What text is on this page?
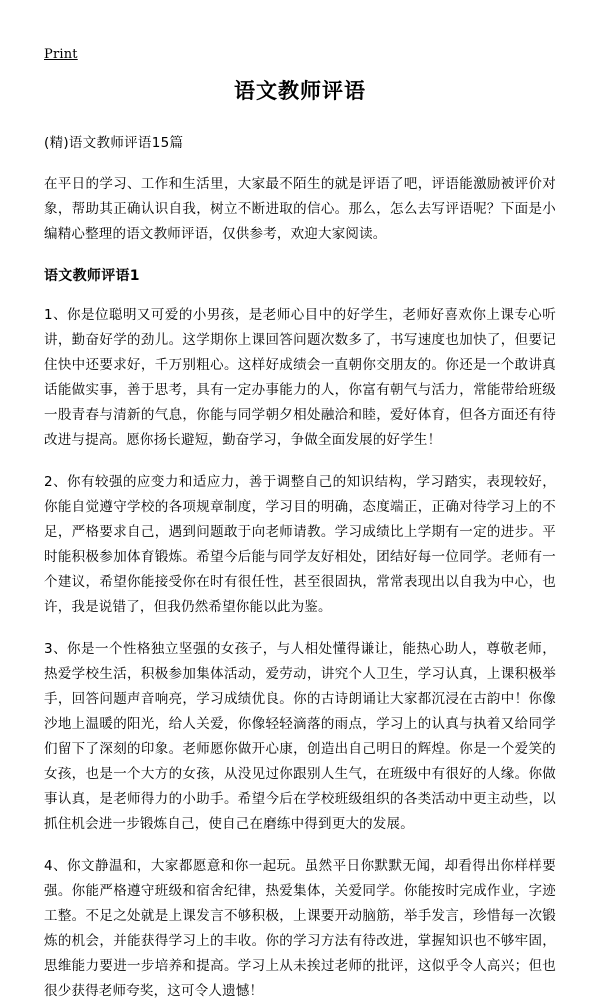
Print
语文教师评语

(精)语文教师评语15篇

在平日的学习、工作和生活里，大家最不陌生的就是评语了吧，评语能激励被评价对象，帮助其正确认识自我，树立不断进取的信心。那么，怎么去写评语呢？下面是小编精心整理的语文教师评语，仅供参考，欢迎大家阅读。

语文教师评语1

1、你是位聪明又可爱的小男孩，是老师心目中的好学生，老师好喜欢你上课专心听讲，勤奋好学的劲儿。这学期你上课回答问题次数多了，书写速度也加快了，但要记住快中还要求好，千万别粗心。这样好成绩会一直朝你交朋友的。你还是一个敢讲真话能做实事，善于思考，具有一定办事能力的人，你富有朝气与活力，常能带给班级一股青春与清新的气息，你能与同学朝夕相处融洽和睦，爱好体育，但各方面还有待改进与提高。愿你扬长避短，勤奋学习，争做全面发展的好学生！

2、你有较强的应变力和适应力，善于调整自己的知识结构，学习踏实，表现较好，你能自觉遵守学校的各项规章制度，学习目的明确，态度端正，正确对待学习上的不足，严格要求自己，遇到问题敢于向老师请教。学习成绩比上学期有一定的进步。平时能积极参加体育锻炼。希望今后能与同学友好相处，团结好每一位同学。老师有一个建议，希望你能接受你在时有很任性，甚至很固执，常常表现出以自我为中心，也许，我是说错了，但我仍然希望你能以此为鉴。

3、你是一个性格独立坚强的女孩子，与人相处懂得谦让，能热心助人，尊敬老师，热爱学校生活，积极参加集体活动，爱劳动，讲究个人卫生，学习认真，上课积极举手，回答问题声音响亮，学习成绩优良。你的古诗朗诵让大家都沉浸在古韵中！你像沙地上温暖的阳光，给人关爱，你像轻轻滴落的雨点，学习上的认真与执着又给同学们留下了深刻的印象。老师愿你做开心康，创造出自己明日的辉煌。你是一个爱笑的女孩，也是一个大方的女孩，从没见过你跟别人生气，在班级中有很好的人缘。你做事认真，是老师得力的小助手。希望今后在学校班级组织的各类活动中更主动些，以抓住机会进一步锻炼自己，使自己在磨练中得到更大的发展。

4、你文静温和，大家都愿意和你一起玩。虽然平日你默默无闻，却看得出你样样要强。你能严格遵守班级和宿舍纪律，热爱集体，关爱同学。你能按时完成作业，字迹工整。不足之处就是上课发言不够积极，上课要开动脑筋，举手发言，珍惜每一次锻炼的机会，并能获得学习上的丰收。你的学习方法有待改进，掌握知识也不够牢固，思维能力要进一步培养和提高。学习上从未挨过老师的批评，这似乎令人高兴；但也很少获得老师夸奖，这可令人遗憾！
